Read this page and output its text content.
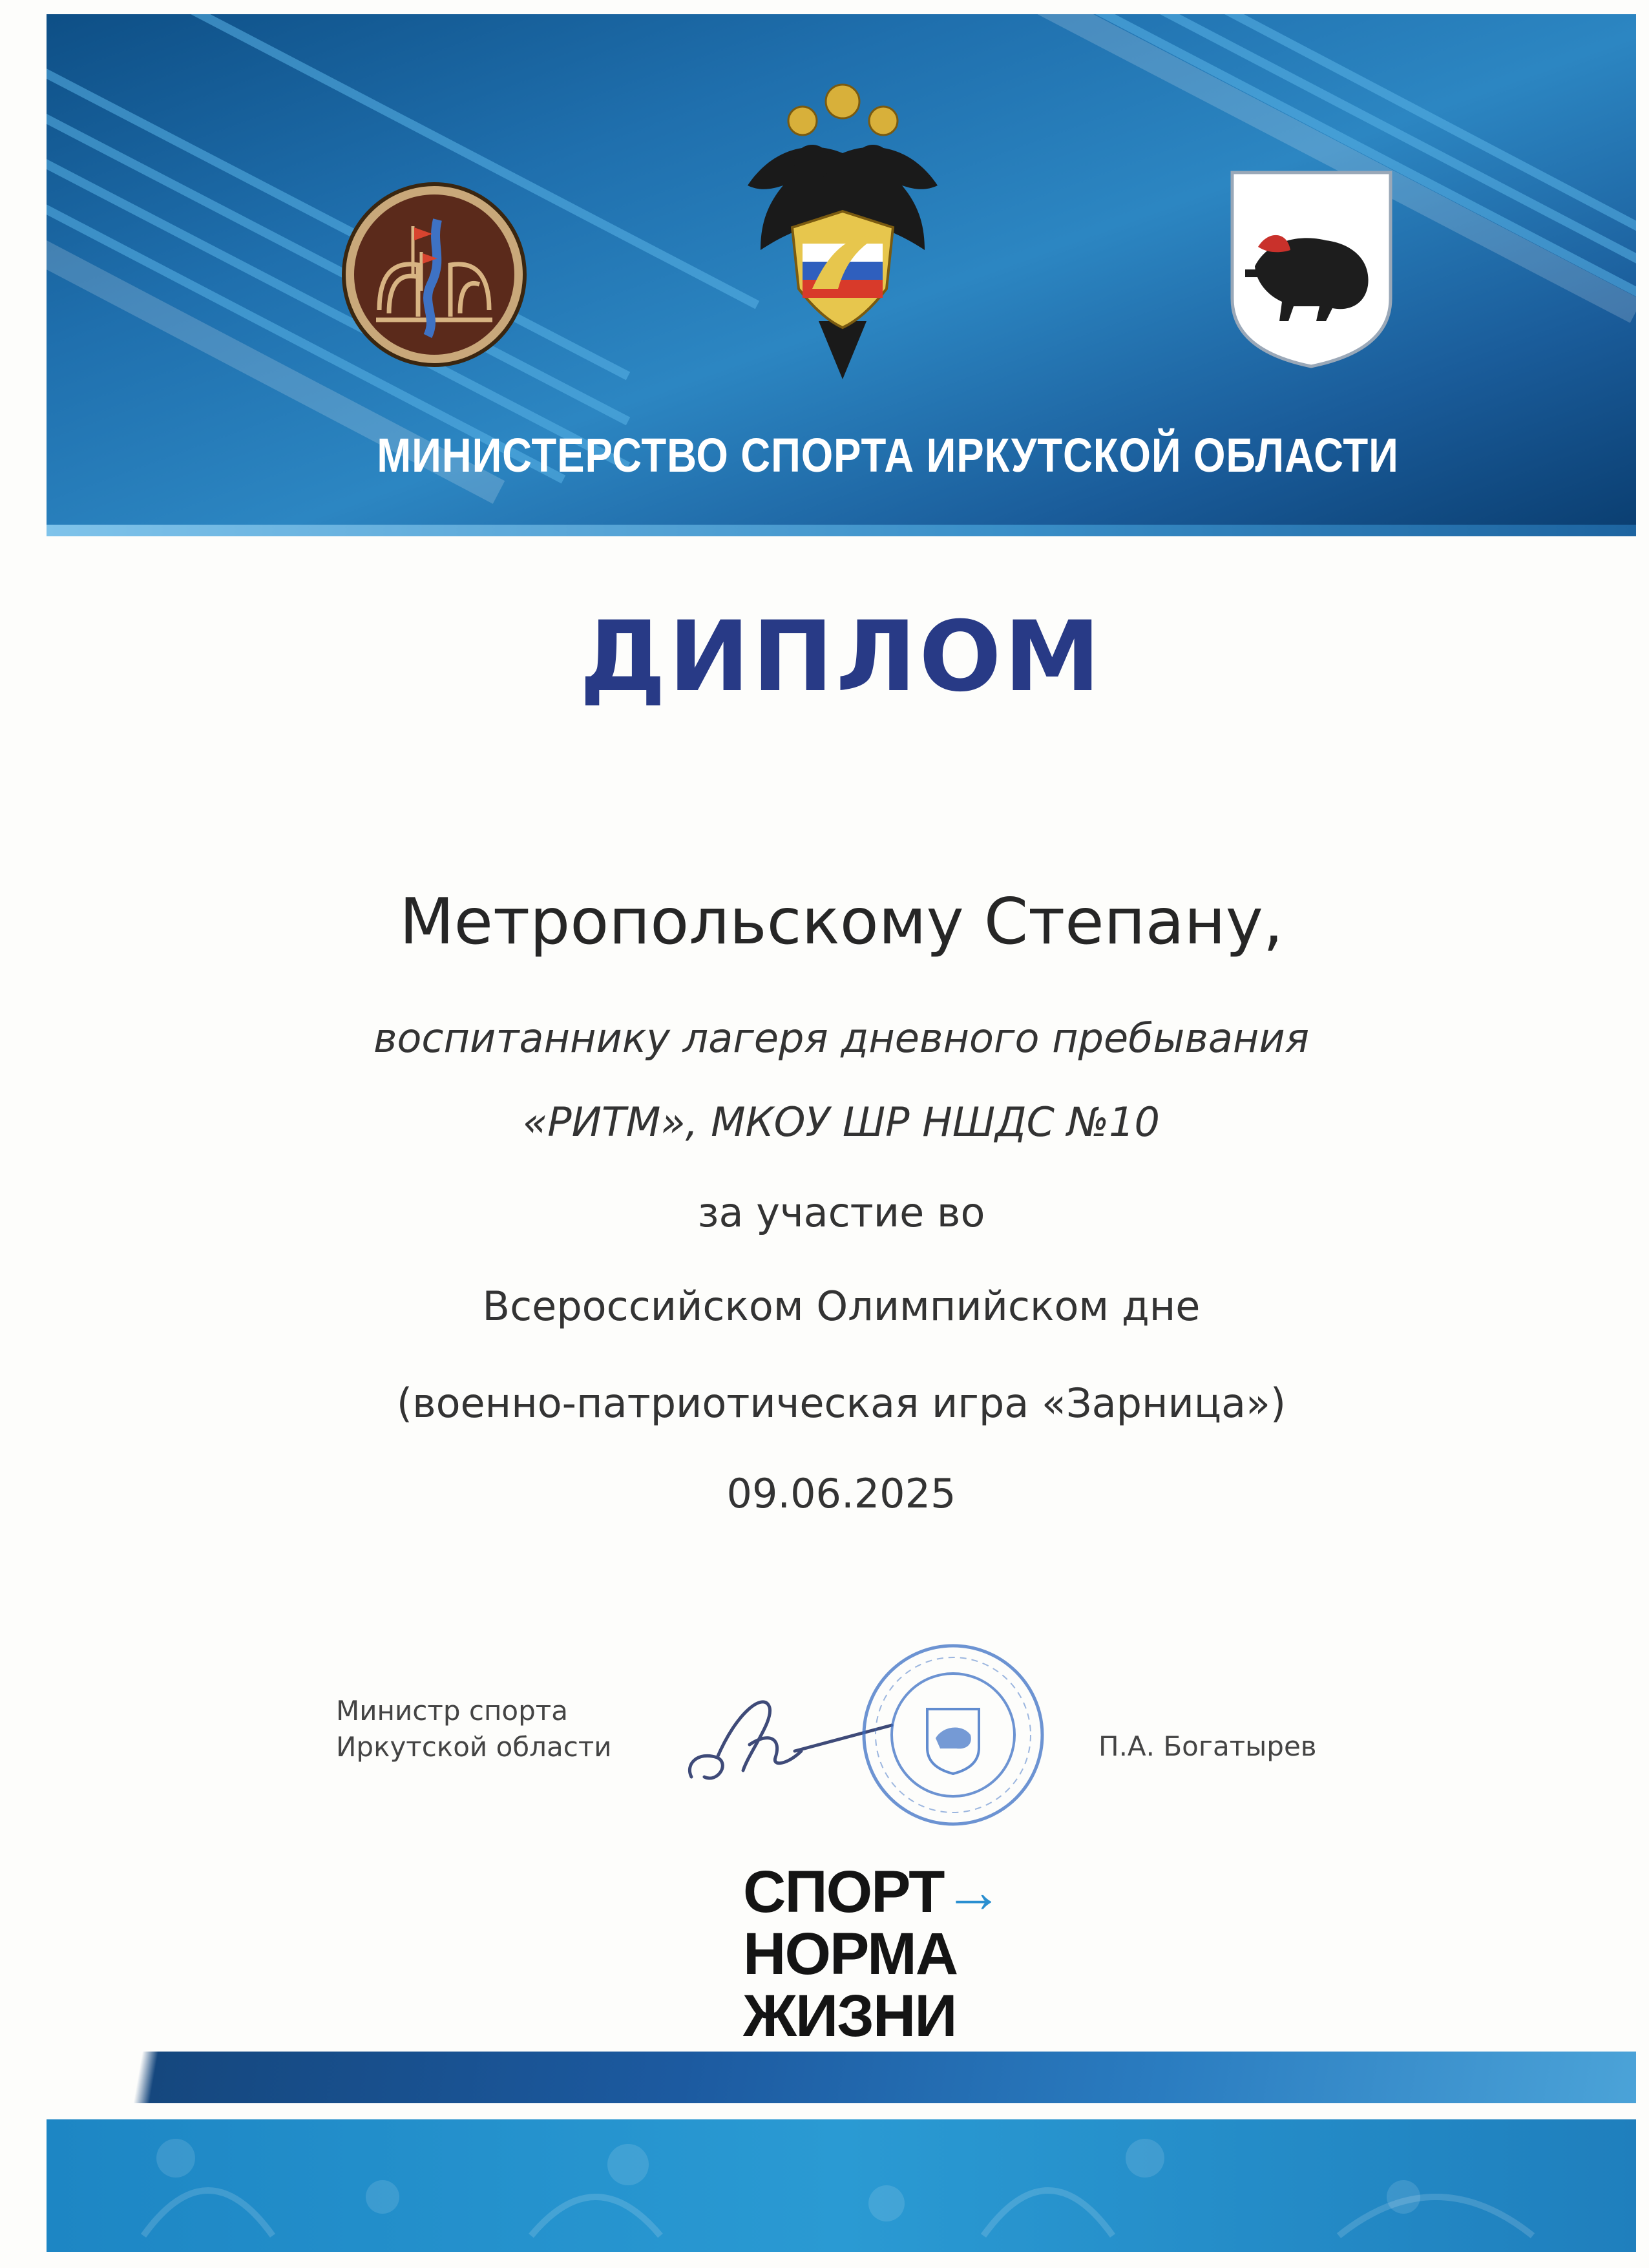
МИНИСТЕРСТВО СПОРТА ИРКУТСКОЙ ОБЛАСТИ
ДИПЛОМ
Метропольскому Степану,
воспитаннику лагеря дневного пребывания
«РИТМ», МКОУ ШР НШДС №10
за участие во
Всероссийском Олимпийском дне
(военно-патриотическая игра «Зарница»)
09.06.2025
Министр спорта
Иркутской области	П.А. Богатырев
СПОРТ→
НОРМА
ЖИЗНИ
